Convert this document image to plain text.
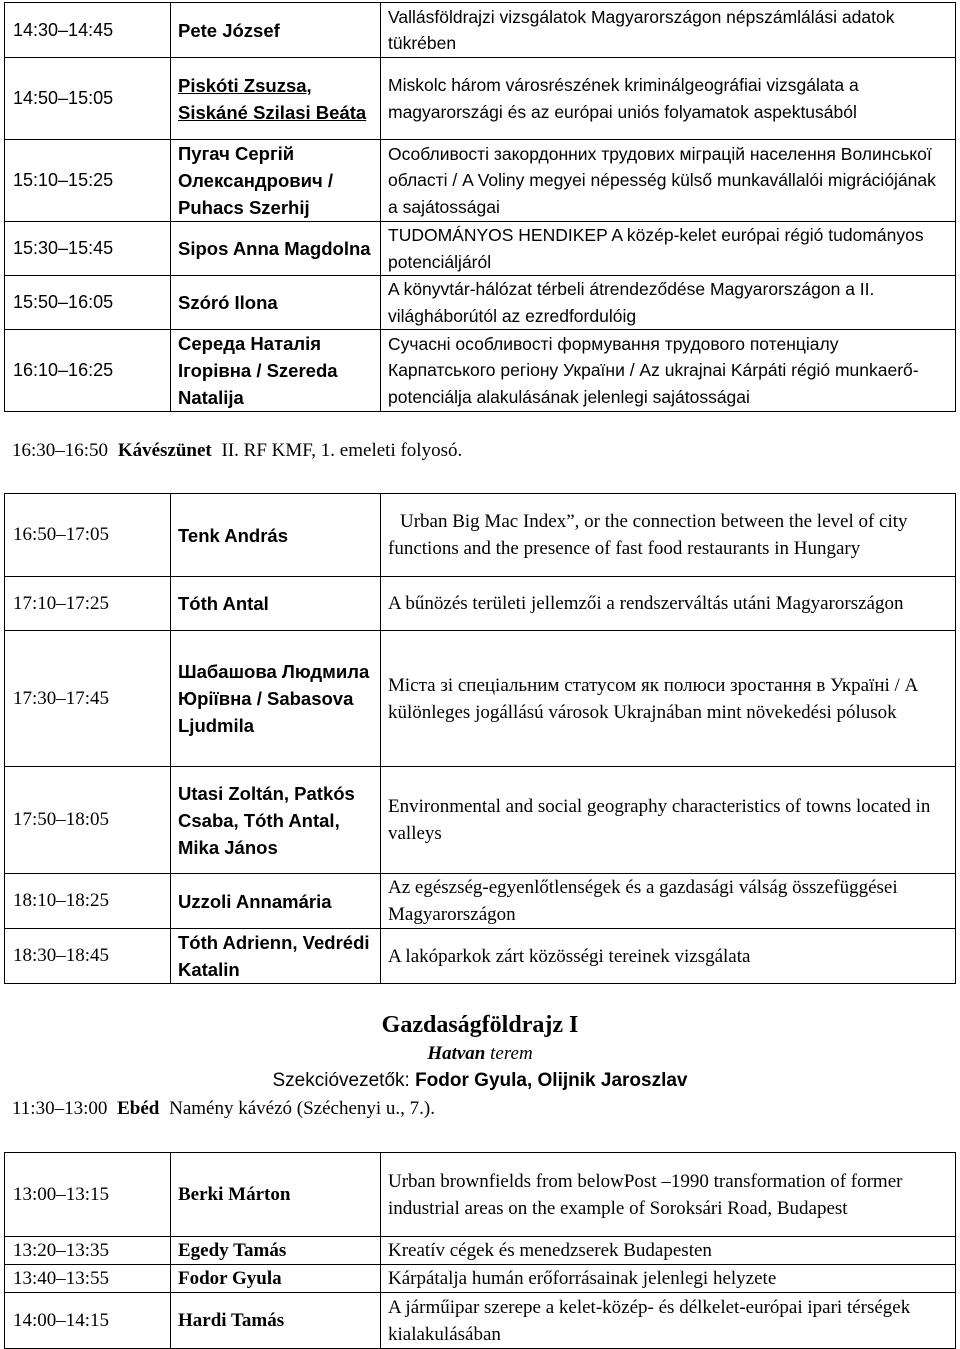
14:30–14:45	Pete József	Vallásföldrajzi vizsgálatok Magyarországon népszámlálási adatok tükrében
14:50–15:05	Piskóti Zsuzsa, Siskáné Szilasi Beáta	Miskolc három városrészének kriminálgeográfiai vizsgálata a magyarországi és az európai uniós folyamatok aspektusából
15:10–15:25	Пугач Сергій Олександрович / Puhacs Szerhij	Особливості закордонних трудових міграцій населення Волинської області / A Voliny megyei népesség külső munkavállalói migrációjának a sajátosságai
15:30–15:45	Sipos Anna Magdolna	TUDOMÁNYOS HENDIKEP A közép-kelet európai régió tudományos potenciáljáról
15:50–16:05	Szóró Ilona	A könyvtár-hálózat térbeli átrendeződése Magyarországon a II. világháborútól az ezredfordulóig
16:10–16:25	Середа Наталія Ігорівна / Szereda Natalija	Сучасні особливості формування трудового потенціалу Карпатського регіону України / Az ukrajnai Kárpáti régió munkaerő-potenciálja alakulásának jelenlegi sajátosságai
16:30–16:50 Kávészünet II. RF KMF, 1. emeleti folyosó.
16:50–17:05	Tenk András	Urban Big Mac Index”, or the connection between the level of city functions and the presence of fast food restaurants in Hungary
17:10–17:25	Tóth Antal	A bűnözés területi jellemzői a rendszerváltás utáni Magyarországon
17:30–17:45	Шабашова Людмила Юріївна / Sabasova Ljudmila	Міста зі спеціальним статусом як полюси зростання в Україні / A különleges jogállású városok Ukrajnában mint növekedési pólusok
17:50–18:05	Utasi Zoltán, Patkós Csaba, Tóth Antal, Mika János	Environmental and social geography characteristics of towns located in valleys
18:10–18:25	Uzzoli Annamária	Az egészség-egyenlőtlenségek és a gazdasági válság összefüggései Magyarországon
18:30–18:45	Tóth Adrienn, Vedrédi Katalin	A lakóparkok zárt közösségi tereinek vizsgálata
Gazdaságföldrajz I
Hatvan terem
Szekcióvezetők: Fodor Gyula, Olijnik Jaroszlav
11:30–13:00 Ebéd Namény kávézó (Széchenyi u., 7.).
13:00–13:15	Berki Márton	Urban brownfields from belowPost –1990 transformation of former industrial areas on the example of Soroksári Road, Budapest
13:20–13:35	Egedy Tamás	Kreatív cégek és menedzserek Budapesten
13:40–13:55	Fodor Gyula	Kárpátalja humán erőforrásainak jelenlegi helyzete
14:00–14:15	Hardi Tamás	A járműipar szerepe a kelet-közép- és délkelet-európai ipari térségek kialakulásában
